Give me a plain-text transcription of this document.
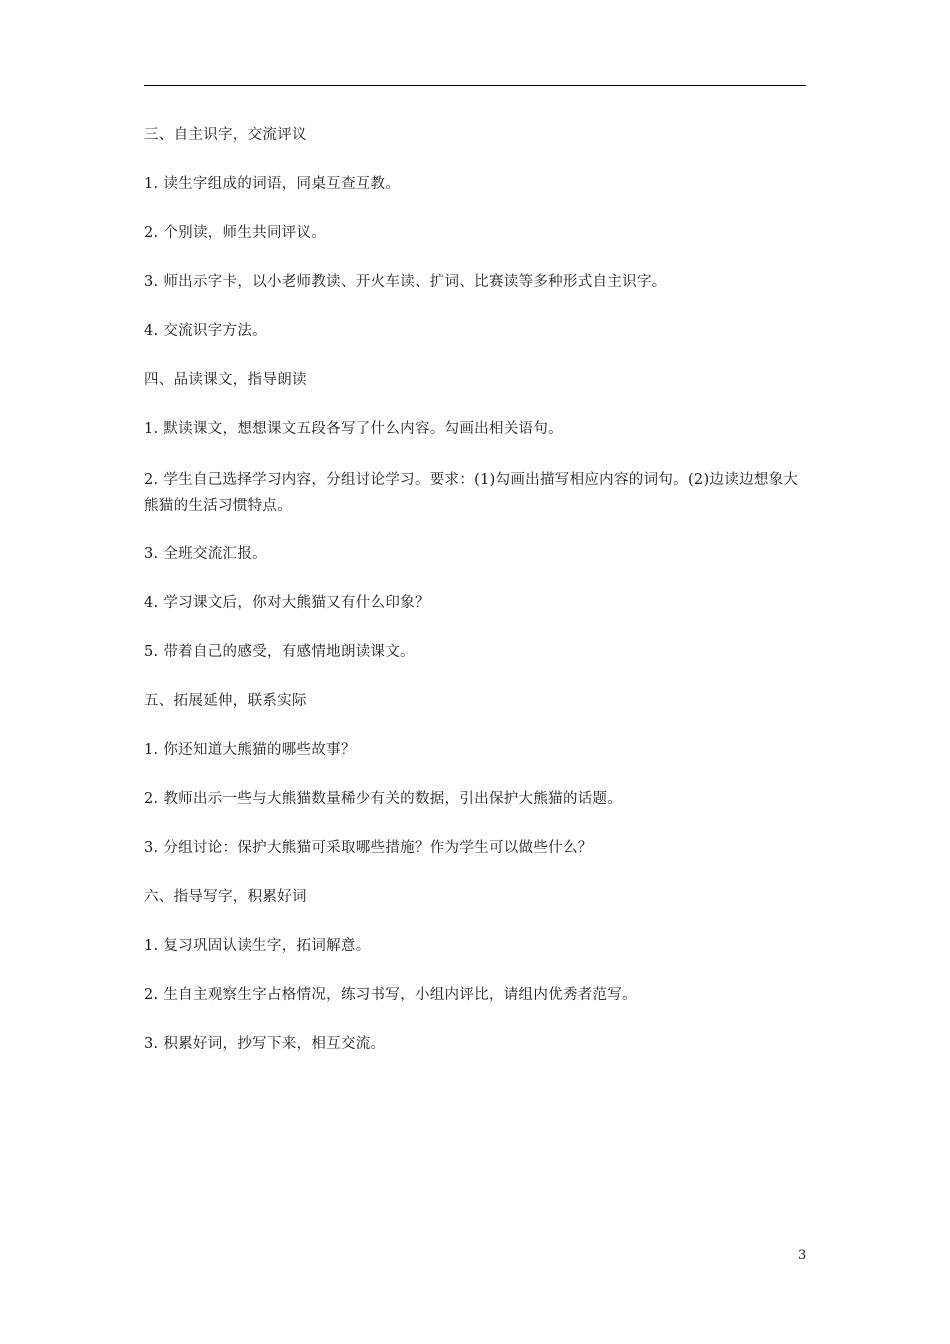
三、自主识字，交流评议

1. 读生字组成的词语，同桌互查互教。

2. 个别读，师生共同评议。

3. 师出示字卡，以小老师教读、开火车读、扩词、比赛读等多种形式自主识字。

4. 交流识字方法。

四、品读课文，指导朗读

1. 默读课文，想想课文五段各写了什么内容。勾画出相关语句。

2. 学生自己选择学习内容，分组讨论学习。要求：(1)勾画出描写相应内容的词句。(2)边读边想象大熊猫的生活习惯特点。

3. 全班交流汇报。

4. 学习课文后，你对大熊猫又有什么印象？

5. 带着自己的感受，有感情地朗读课文。

五、拓展延伸，联系实际

1. 你还知道大熊猫的哪些故事？

2. 教师出示一些与大熊猫数量稀少有关的数据，引出保护大熊猫的话题。

3. 分组讨论：保护大熊猫可采取哪些措施？作为学生可以做些什么？

六、指导写字，积累好词

1. 复习巩固认读生字，拓词解意。

2. 生自主观察生字占格情况，练习书写，小组内评比，请组内优秀者范写。

3. 积累好词，抄写下来，相互交流。

3
